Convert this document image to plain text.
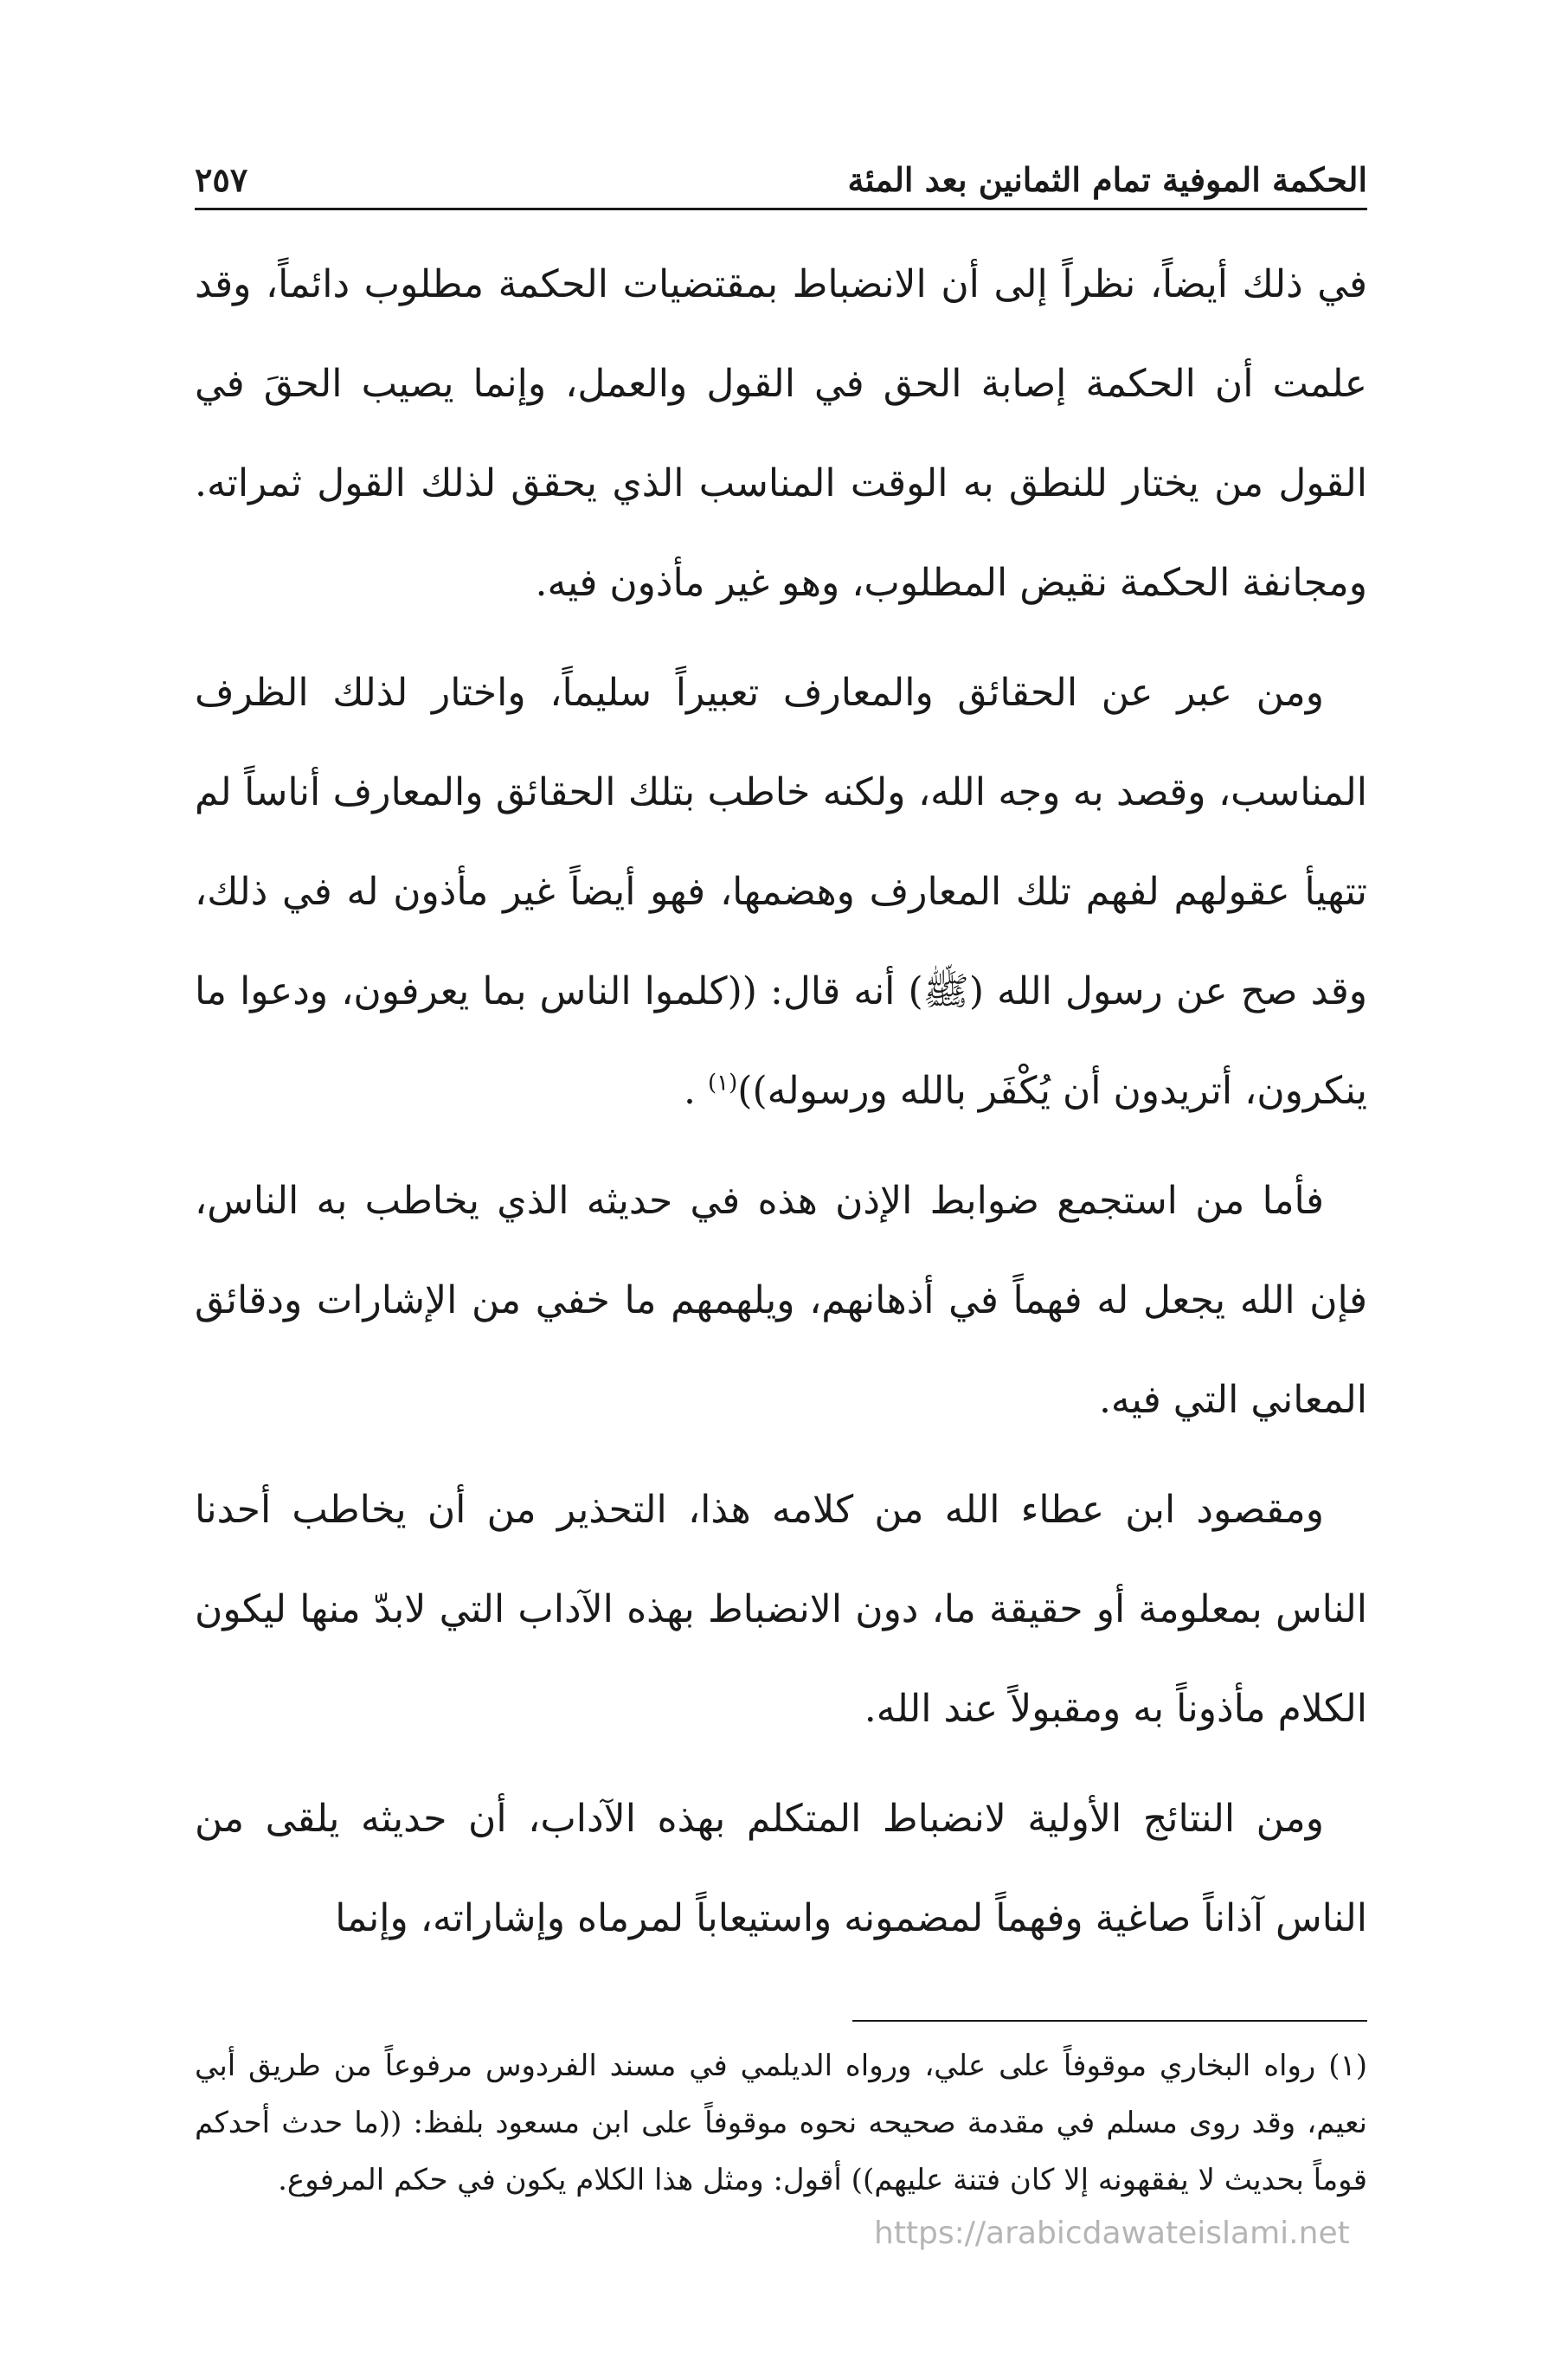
الحكمة الموفية تمام الثمانين بعد المئة
٢٥٧

في ذلك أيضاً، نظراً إلى أن الانضباط بمقتضيات الحكمة مطلوب دائماً، وقد علمت أن الحكمة إصابة الحق في القول والعمل، وإنما يصيب الحقَ في القول من يختار للنطق به الوقت المناسب الذي يحقق لذلك القول ثمراته. ومجانفة الحكمة نقيض المطلوب، وهو غير مأذون فيه.

ومن عبر عن الحقائق والمعارف تعبيراً سليماً، واختار لذلك الظرف المناسب، وقصد به وجه الله، ولكنه خاطب بتلك الحقائق والمعارف أناساً لم تتهيأ عقولهم لفهم تلك المعارف وهضمها، فهو أيضاً غير مأذون له في ذلك، وقد صح عن رسول الله (ﷺ) أنه قال: ((كلموا الناس بما يعرفون، ودعوا ما ينكرون، أتريدون أن يُكْفَر بالله ورسوله))$^{(١)}$ .

فأما من استجمع ضوابط الإذن هذه في حديثه الذي يخاطب به الناس، فإن الله يجعل له فهماً في أذهانهم، ويلهمهم ما خفي من الإشارات ودقائق المعاني التي فيه.

ومقصود ابن عطاء الله من كلامه هذا، التحذير من أن يخاطب أحدنا الناس بمعلومة أو حقيقة ما، دون الانضباط بهذه الآداب التي لابدّ منها ليكون الكلام مأذوناً به ومقبولاً عند الله.

ومن النتائج الأولية لانضباط المتكلم بهذه الآداب، أن حديثه يلقى من الناس آذاناً صاغية وفهماً لمضمونه واستيعاباً لمرماه وإشاراته، وإنما

(١) رواه البخاري موقوفاً على علي، ورواه الديلمي في مسند الفردوس مرفوعاً من طريق أبي نعيم، وقد روى مسلم في مقدمة صحيحه نحوه موقوفاً على ابن مسعود بلفظ: ((ما حدث أحدكم قوماً بحديث لا يفقهونه إلا كان فتنة عليهم)) أقول: ومثل هذا الكلام يكون في حكم المرفوع.

https://arabicdawateislami.net
